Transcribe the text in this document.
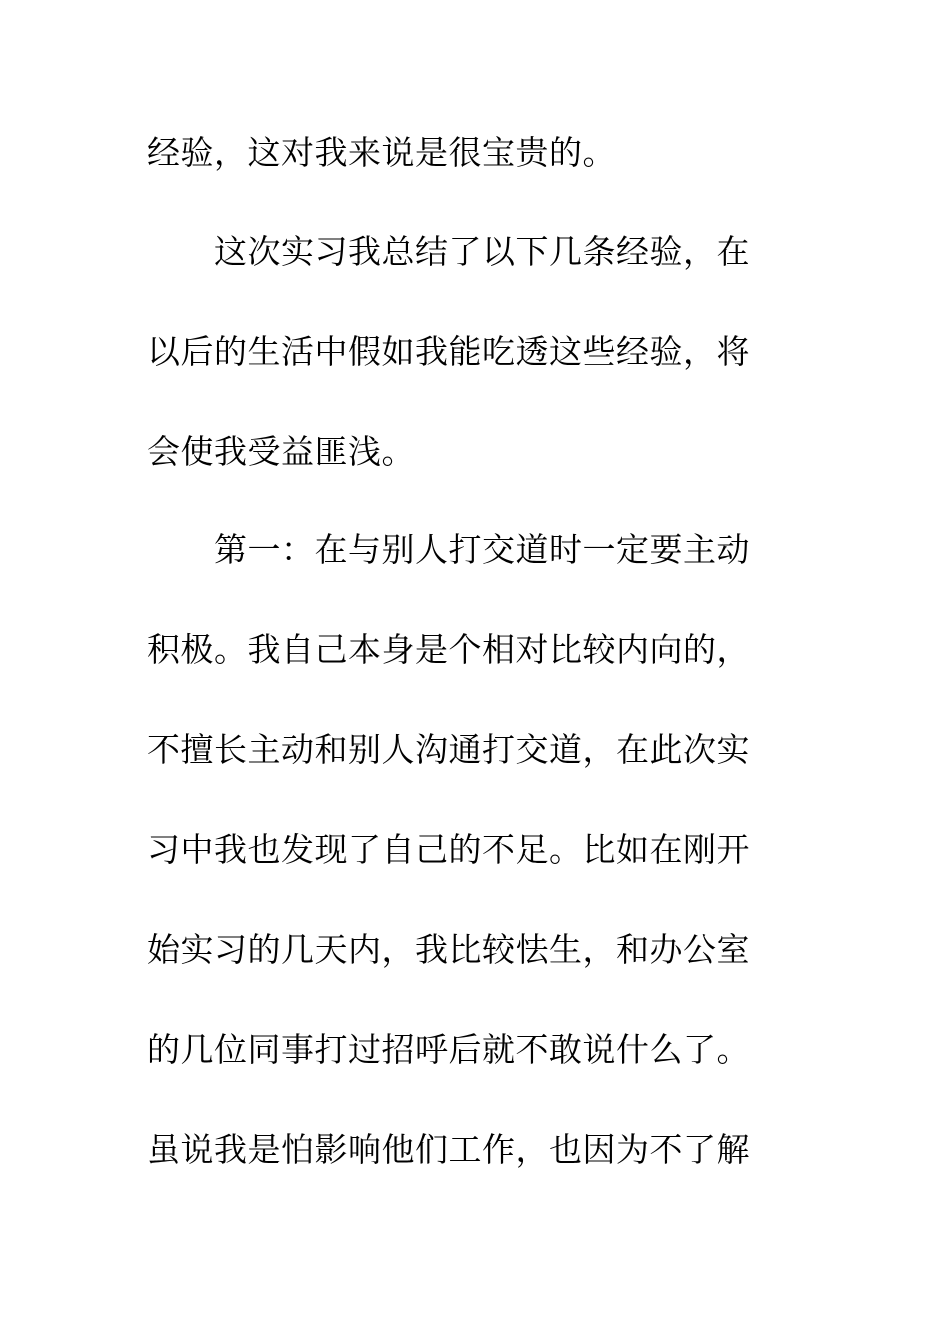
经验，这对我来说是很宝贵的。
这次实习我总结了以下几条经验，在
以后的生活中假如我能吃透这些经验，将
会使我受益匪浅。
第一：在与别人打交道时一定要主动
积极。我自己本身是个相对比较内向的，
不擅长主动和别人沟通打交道，在此次实
习中我也发现了自己的不足。比如在刚开
始实习的几天内，我比较怯生，和办公室
的几位同事打过招呼后就不敢说什么了。
虽说我是怕影响他们工作，也因为不了解
